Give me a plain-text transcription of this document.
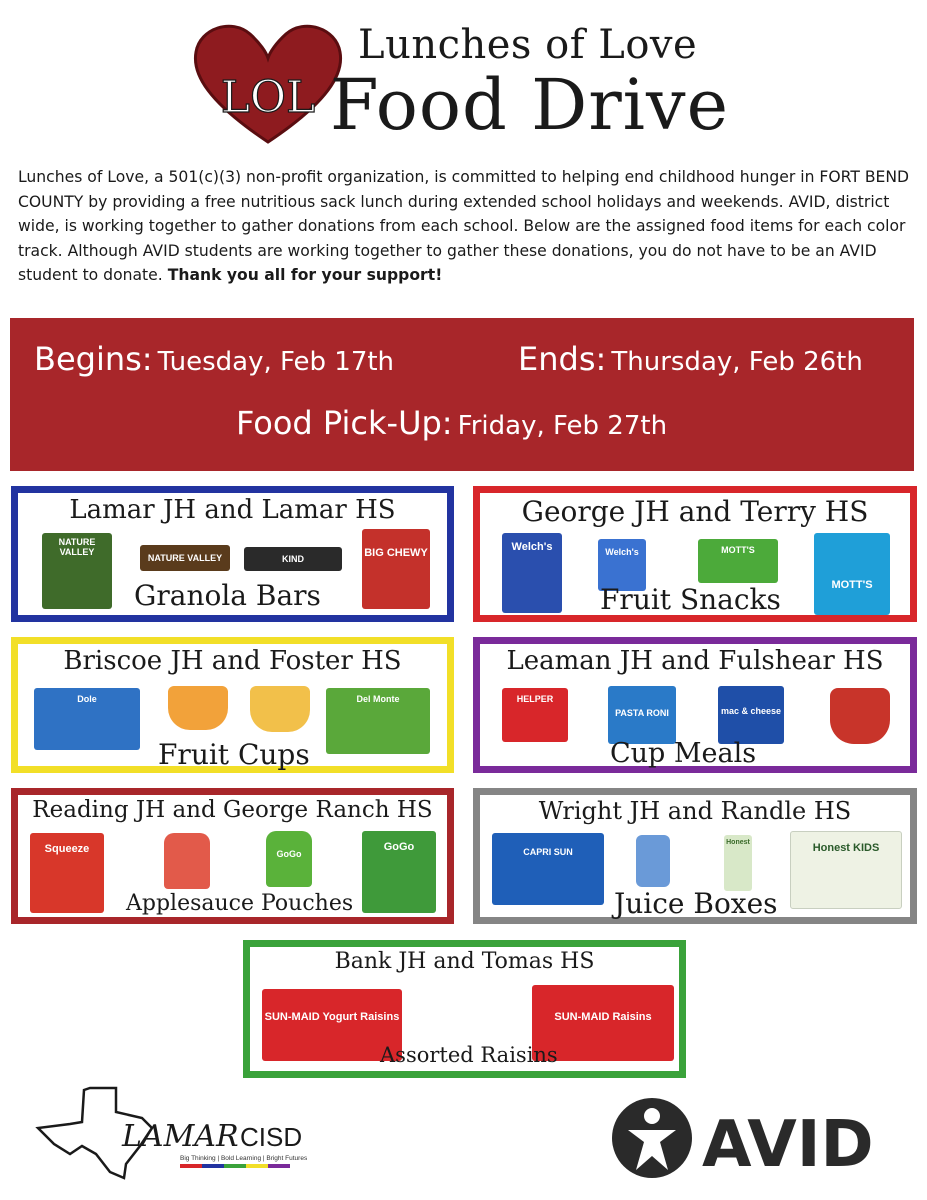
LOL
Lunches of Love
Food Drive
Lunches of Love, a 501(c)(3) non-profit organization, is committed to helping end childhood hunger in FORT BEND COUNTY by providing a free nutritious sack lunch during extended school holidays and weekends. AVID, district wide, is working together to gather donations from each school. Below are the assigned food items for each color track. Although AVID students are working together to gather these donations, you do not have to be an AVID student to donate. Thank you all for your support!
Begins: Tuesday, Feb 17th	Ends: Thursday, Feb 26th
Food Pick-Up: Friday, Feb 27th
Lamar JH and Lamar HS
NATURE VALLEY
NATURE VALLEY	KIND	BIG CHEWY
Granola Bars
George JH and Terry HS
Welch's	Welch's	MOTT'S
MOTT'S
Fruit Snacks
Briscoe JH and Foster HS
Dole	Del Monte
Fruit Cups
Leaman JH and Fulshear HS
HELPER
PASTA RONI	mac & cheese
Cup Meals
Reading JH and George Ranch HS
Squeeze	GoGo
GoGo
Applesauce Pouches
Wright JH and Randle HS
CAPRI SUN
Honest	Honest KIDS
Juice Boxes
Bank JH and Tomas HS
SUN-MAID Yogurt Raisins	SUN-MAID Raisins
Assorted Raisins
LAMAR CISD
Big Thinking | Bold Learning | Bright Futures	AVID
